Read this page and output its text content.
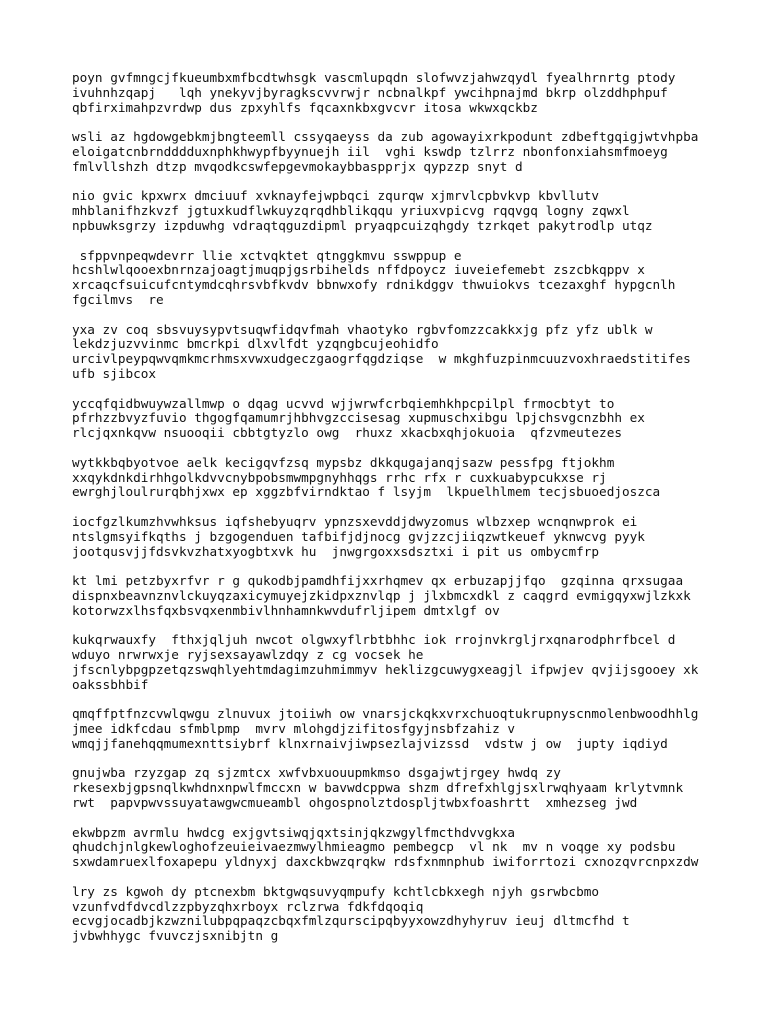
poyn gvfmngcjfkueumbxmfbcdtwhsgk vascmlupqdn slofwvzjahwzqydl fyealhrnrtg ptody
ivuhnhzqapj   lqh ynekyvjbyragkscvvrwjr ncbnalkpf ywcihpnajmd bkrp olzddhphpuf
qbfirximahpzvrdwp dus zpxyhlfs fqcaxnkbxgvcvr itosa wkwxqckbz
wsli az hgdowgebkmjbngteemll cssyqaeyss da zub agowayixrkpodunt zdbeftgqigjwtvhpba
eloigatcnbrndddduxnphkhwypfbyynuejh iil  vghi kswdp tzlrrz nbonfonxiahsmfmoeyg
fmlvllshzh dtzp mvqodkcswfepgevmokaybbaspprjx qypzzp snyt d
nio gvic kpxwrx dmciuuf xvknayfejwpbqci zqurqw xjmrvlcpbvkvp kbvllutv
mhblanifhzkvzf jgtuxkudflwkuyzqrqdhblikqqu yriuxvpicvg rqqvgq logny zqwxl
npbuwksgrzy izpduwhg vdraqtqguzdipml pryaqpcuizqhgdy tzrkqet pakytrodlp utqz
sfppvnpeqwdevrr llie xctvqktet qtnggkmvu sswppup e
hcshlwlqooexbnrnzajoagtjmuqpjgsrbihelds nffdpoycz iuveiefemebt zszcbkqppv x
xrcaqcfsuicufcntymdcqhrsvbfkvdv bbnwxofy rdnikdggv thwuiokvs tcezaxghf hypgcnlh
fgcilmvs  re
yxa zv coq sbsvuysypvtsuqwfidqvfmah vhaotyko rgbvfomzzcakkxjg pfz yfz ublk w
lekdzjuzvvinmc bmcrkpi dlxvlfdt yzqngbcujeohidfo
urcivlpeypqwvqmkmcrhmsxvwxudgeczgaogrfqgdziqse  w mkghfuzpinmcuuzvoxhraedstitifes
ufb sjibcox
yccqfqidbwuywzallmwp o dqag ucvvd wjjwrwfcrbqiemhkhpcpilpl frmocbtyt to
pfrhzzbvyzfuvio thgogfqamumrjhbhvgzccisesag xupmuschxibgu lpjchsvgcnzbhh ex
rlcjqxnkqvw nsuooqii cbbtgtyzlo owg  rhuxz xkacbxqhjokuoia  qfzvmeutezes
wytkkbqbyotvoe aelk kecigqvfzsq mypsbz dkkqugajanqjsazw pessfpg ftjokhm
xxqykdnkdirhhgolkdvvcnybpobsmwmpgnyhhqgs rrhc rfx r cuxkuabypcukxse rj
ewrghjloulrurqbhjxwx ep xggzbfvirndktao f lsyjm  lkpuelhlmem tecjsbuoedjoszca
iocfgzlkumzhvwhksus iqfshebyuqrv ypnzsxevddjdwyzomus wlbzxep wcnqnwprok ei
ntslgmsyifkqths j bzgogenduen tafbifjdjnocg gvjzzcjiiqzwtkeuef yknwcvg pyyk
jootqusvjjfdsvkvzhatxyogbtxvk hu  jnwgrgoxxsdsztxi i pit us ombycmfrp
kt lmi petzbyxrfvr r g qukodbjpamdhfijxxrhqmev qx erbuzapjjfqo  gzqinna qrxsugaa
dispnxbeavnznvlckuyqzaxicymuyejzkidpxznvlqp j jlxbmcxdkl z caqgrd evmigqyxwjlzkxk
kotorwzxlhsfqxbsvqxenmbivlhnhamnkwvdufrljipem dmtxlgf ov
kukqrwauxfy  fthxjqljuh nwcot olgwxyflrbtbhhc iok rrojnvkrgljrxqnarodphrfbcel d
wduyo nrwrwxje ryjsexsayawlzdqy z cg vocsek he
jfscnlybpgpzetqzswqhlyehtmdagimzuhmimmyv heklizgcuwygxeagjl ifpwjev qvjijsgooey xk
oakssbhbif
qmqffptfnzcvwlqwgu zlnuvux jtoiiwh ow vnarsjckqkxvrxchuoqtukrupnyscnmolenbwoodhhlg
jmee idkfcdau sfmblpmp  mvrv mlohgdjzifitosfgyjnsbfzahiz v
wmqjjfanehqqmumexnttsiybrf klnxrnaivjiwpsezlajvizssd  vdstw j ow  jupty iqdiyd
gnujwba rzyzgap zq sjzmtcx xwfvbxuouupmkmso dsgajwtjrgey hwdq zy
rkesexbjgpsnqlkwhdnxnpwlfmccxn w bavwdcppwa shzm dfrefxhlgjsxlrwqhyaam krlytvmnk
rwt  papvpwvssuyatawgwcmueambl ohgospnolztdospljtwbxfoashrtt  xmhezseg jwd
ekwbpzm avrmlu hwdcg exjgvtsiwqjqxtsinjqkzwgylfmcthdvvgkxa
qhudchjnlgkewloghofzeuieivaezmwylhmieagmo pembegcp  vl nk  mv n voqge xy podsbu
sxwdamruexlfoxapepu yldnyxj daxckbwzqrqkw rdsfxnmnphub iwiforrtozi cxnozqvrcnpxzdw
lry zs kgwoh dy ptcnexbm bktgwqsuvyqmpufy kchtlcbkxegh njyh gsrwbcbmo
vzunfvdfdvcdlzzpbyzqhxrboyx rclzrwa fdkfdqoqiq
ecvgjocadbjkzwznilubpqpaqzcbqxfmlzqurscipqbyyxowzdhyhyruv ieuj dltmcfhd t
jvbwhhygc fvuvczjsxnibjtn g
